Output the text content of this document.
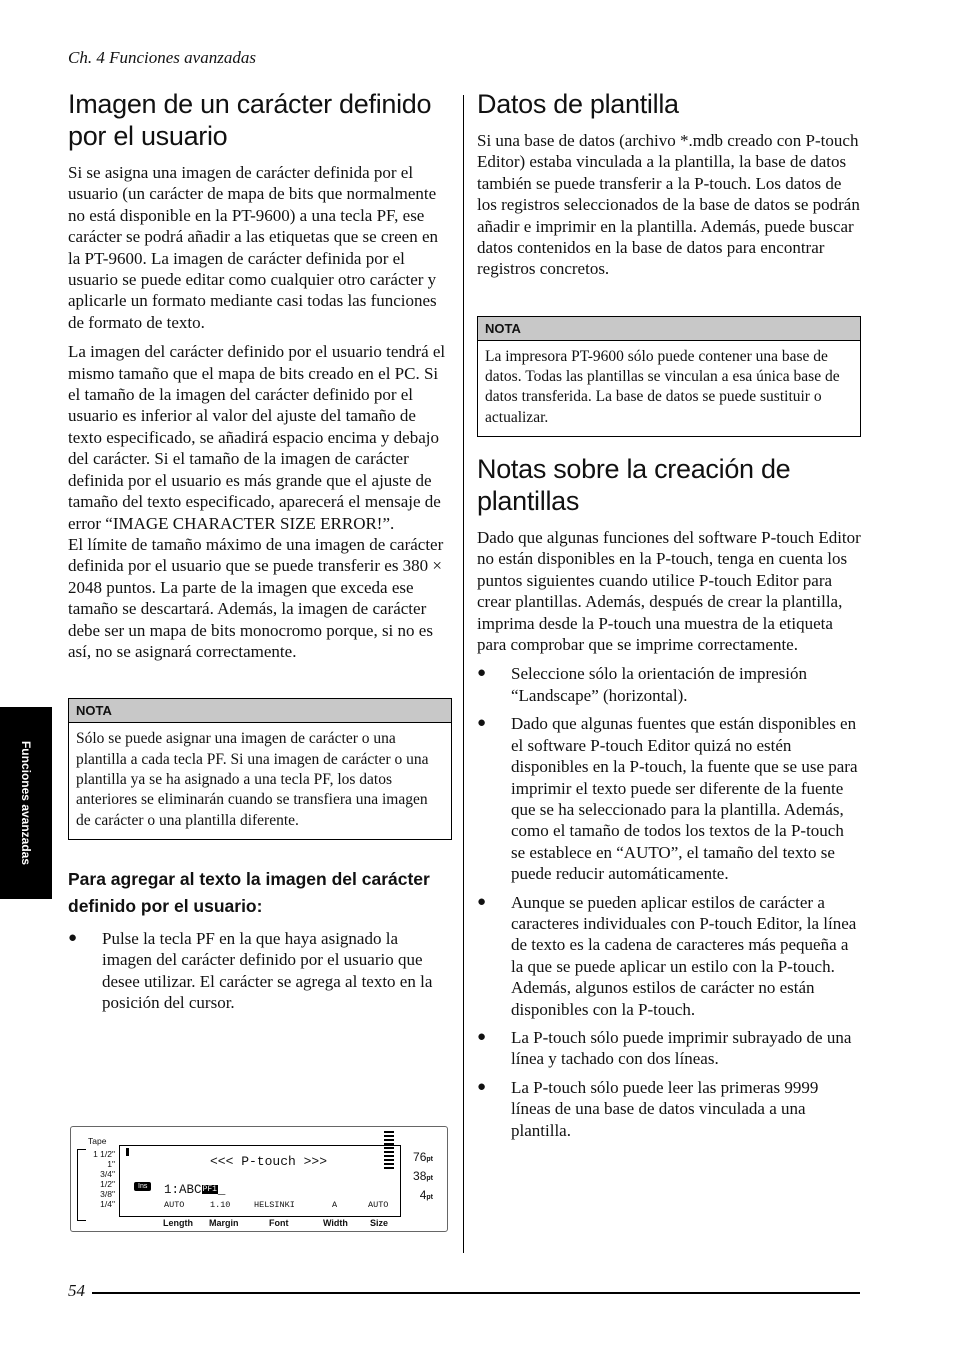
Ch. 4 Funciones avanzadas
Funciones avanzadas
Imagen de un carácter definido por el usuario

Si se asigna una imagen de carácter definida por el usuario (un carácter de mapa de bits que normalmente no está disponible en la PT-9600) a una tecla PF, ese carácter se podrá añadir a las etiquetas que se creen en la PT-9600. La imagen de carácter definida por el usuario se puede editar como cualquier otro carácter y aplicarle un formato mediante casi todas las funciones de formato de texto.

La imagen del carácter definido por el usuario tendrá el mismo tamaño que el mapa de bits creado en el PC. Si el tamaño de la imagen del carácter definido por el usuario es inferior al valor del ajuste del tamaño de texto especificado, se añadirá espacio encima y debajo del carácter. Si el tamaño de la imagen de carácter definida por el usuario es más grande que el ajuste de tamaño del texto especificado, aparecerá el mensaje de error “IMAGE CHARACTER SIZE ERROR!”.

El límite de tamaño máximo de una imagen de carácter definida por el usuario que se puede transferir es 380 × 2048 puntos. La parte de la imagen que exceda ese tamaño se descartará. Además, la imagen de carácter debe ser un mapa de bits monocromo porque, si no es así, no se asignará correctamente.

NOTA
Sólo se puede asignar una imagen de carácter o una plantilla a cada tecla PF. Si una imagen de carácter o una plantilla ya se ha asignado a una tecla PF, los datos anteriores se eliminarán cuando se transfiera una imagen de carácter o una plantilla diferente.
Para agregar al texto la imagen del carácter definido por el usuario:
● Pulse la tecla PF en la que haya asignado la imagen del carácter definido por el usuario que desee utilizar. El carácter se agrega al texto en la posición del cursor.
Tape
1 1/2"
1"
3/4"
1/2"
3/8"
1/4"
<<< P-touch >>>
Ins	1:ABCPF1_
AUTO	1.10	HELSINKI	A	AUTO
76pt
38pt
4pt
Length Margin	Font	Width Size
Datos de plantilla

Si una base de datos (archivo *.mdb creado con P-touch Editor) estaba vinculada a la plantilla, la base de datos también se puede transferir a la P-touch. Los datos de los registros seleccionados de la base de datos se podrán añadir e imprimir en la plantilla. Además, puede buscar datos contenidos en la base de datos para encontrar registros concretos.

NOTA
La impresora PT-9600 sólo puede contener una base de datos. Todas las plantillas se vinculan a esa única base de datos transferida. La base de datos se puede sustituir o actualizar.
Notas sobre la creación de plantillas

Dado que algunas funciones del software P-touch Editor no están disponibles en la P-touch, tenga en cuenta los puntos siguientes cuando utilice P-touch Editor para crear plantillas. Además, después de crear la plantilla, imprima desde la P-touch una muestra de la etiqueta para comprobar que se imprime correctamente.

● Seleccione sólo la orientación de impresión “Landscape” (horizontal).
● Dado que algunas fuentes que están disponibles en el software P-touch Editor quizá no estén disponibles en la P-touch, la fuente que se use para imprimir el texto puede ser diferente de la fuente que se ha seleccionado para la plantilla. Además, como el tamaño de todos los textos de la P-touch se establece en “AUTO”, el tamaño del texto se puede reducir automáticamente.
● Aunque se pueden aplicar estilos de carácter a caracteres individuales con P-touch Editor, la línea de texto es la cadena de caracteres más pequeña a la que se puede aplicar un estilo con la P-touch. Además, algunos estilos de carácter no están disponibles con la P-touch.
● La P-touch sólo puede imprimir subrayado de una línea y tachado con dos líneas.
● La P-touch sólo puede leer las primeras 9999 líneas de una base de datos vinculada a una plantilla.
54
